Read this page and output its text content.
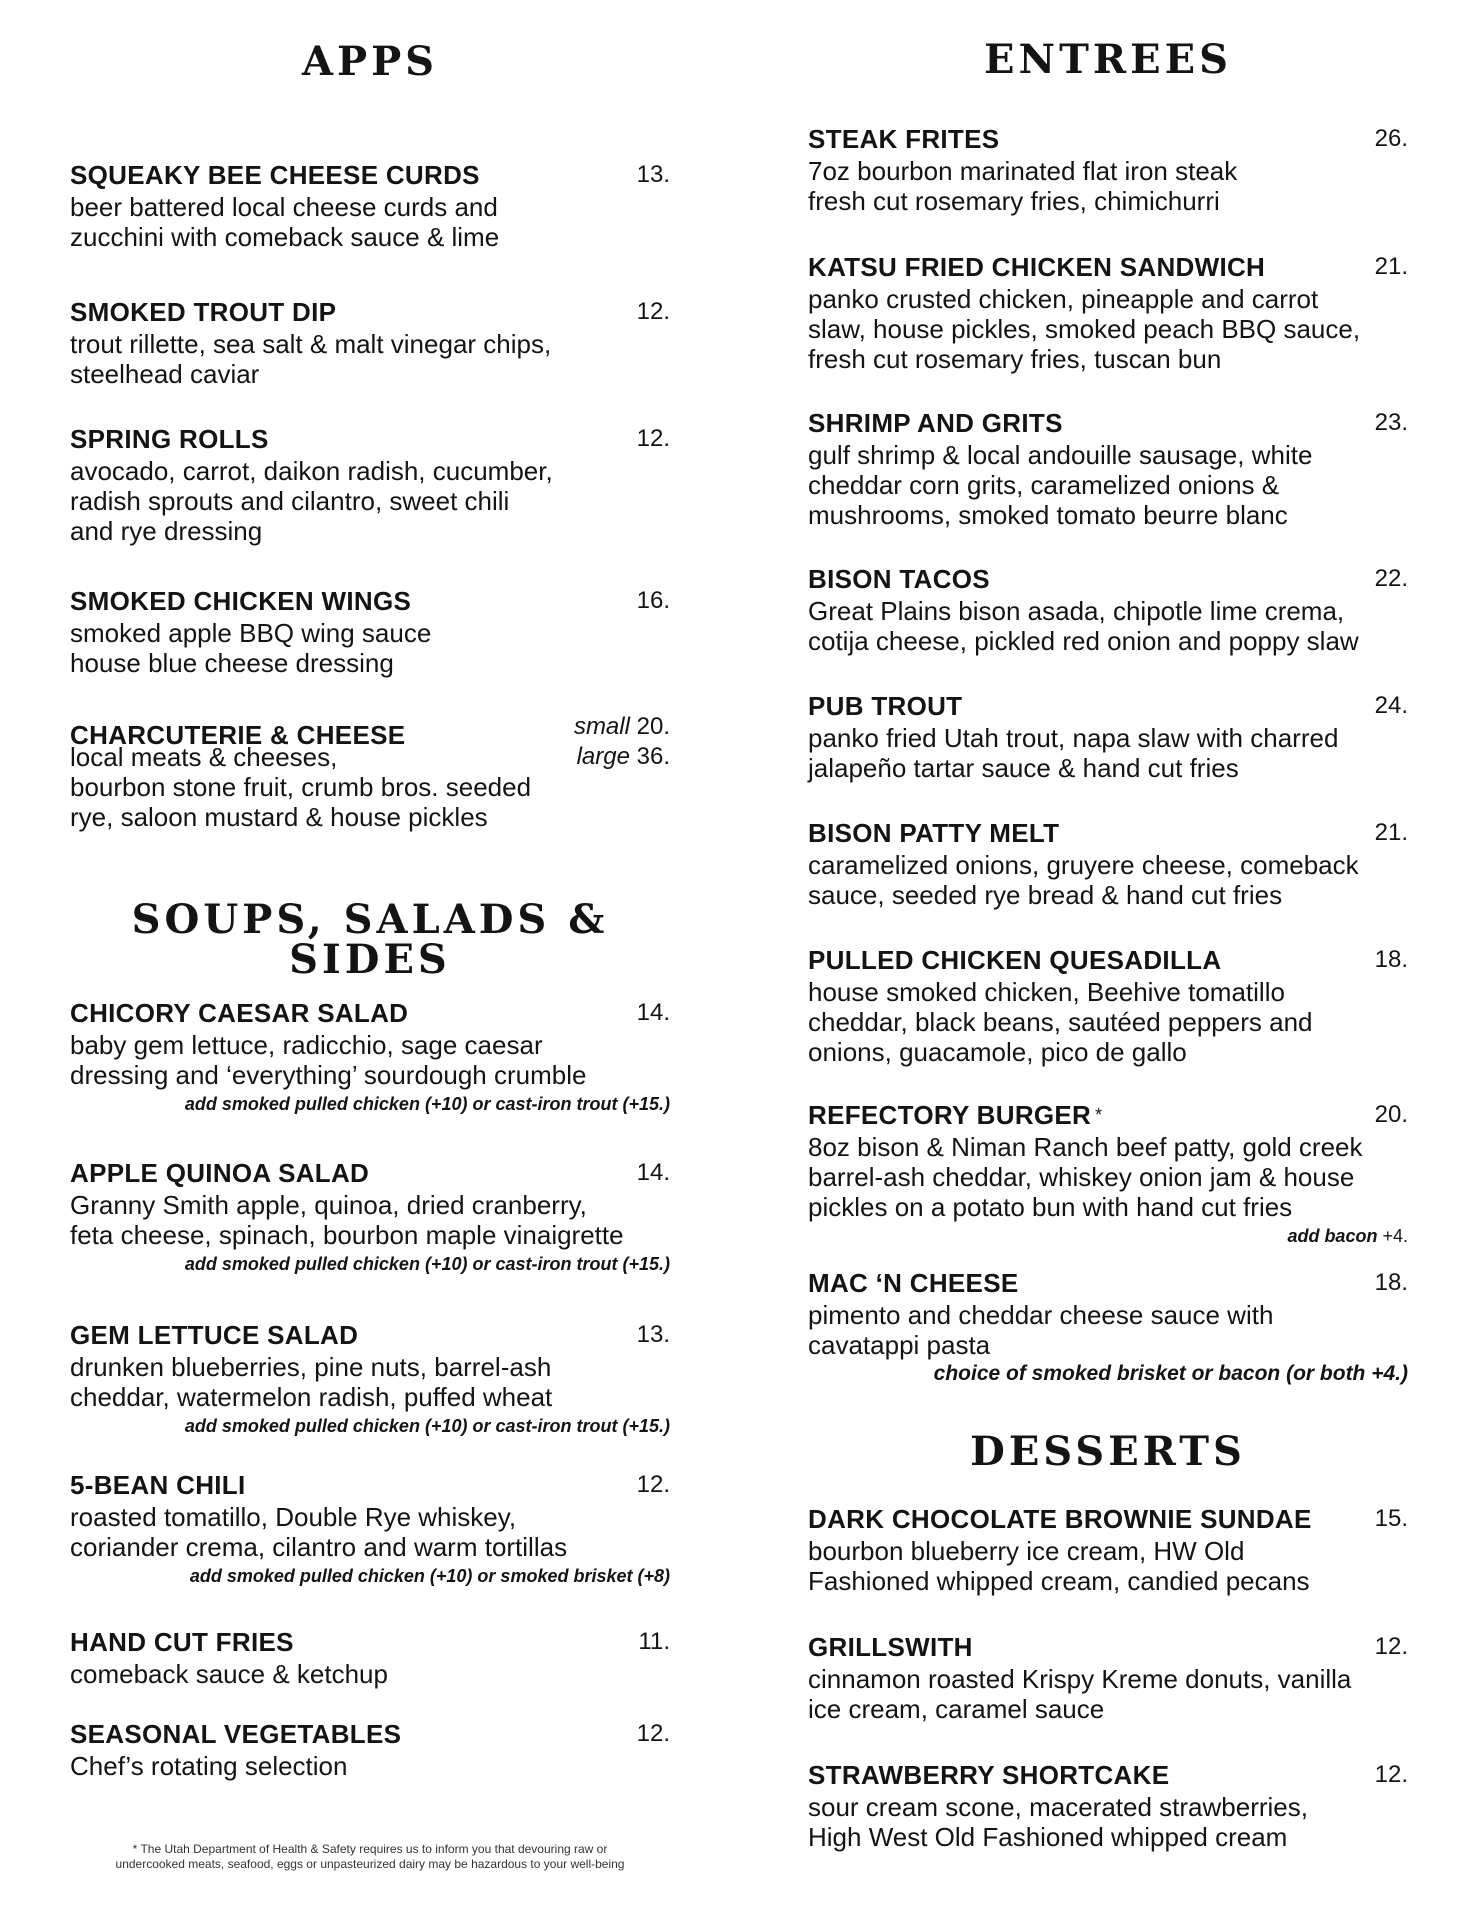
APPS	ENTREES
SOUPS, SALADS & SIDES
DESSERTS
SQUEAKY BEE CHEESE CURDS	13.
beer battered local cheese curds and
zucchini with comeback sauce & lime
SMOKED TROUT DIP	12.
trout rillette, sea salt & malt vinegar chips,
steelhead caviar
SPRING ROLLS	12.
avocado, carrot, daikon radish, cucumber,
radish sprouts and cilantro, sweet chili
and rye dressing
SMOKED CHICKEN WINGS	16.
smoked apple BBQ wing sauce
house blue cheese dressing
CHARCUTERIE & CHEESE	small 20.
large 36.
local meats & cheeses,
bourbon stone fruit, crumb bros. seeded
rye, saloon mustard & house pickles
CHICORY CAESAR SALAD	14.
baby gem lettuce, radicchio, sage caesar
dressing and ‘everything’ sourdough crumble
add smoked pulled chicken (+10) or cast-iron trout (+15.)
APPLE QUINOA SALAD	14.
Granny Smith apple, quinoa, dried cranberry,
feta cheese, spinach, bourbon maple vinaigrette
add smoked pulled chicken (+10) or cast-iron trout (+15.)
GEM LETTUCE SALAD	13.
drunken blueberries, pine nuts, barrel-ash
cheddar, watermelon radish, puffed wheat
add smoked pulled chicken (+10) or cast-iron trout (+15.)
5-BEAN CHILI	12.
roasted tomatillo, Double Rye whiskey,
coriander crema, cilantro and warm tortillas
add smoked pulled chicken (+10) or smoked brisket (+8)
HAND CUT FRIES	11.
comeback sauce & ketchup
SEASONAL VEGETABLES	12.
Chef’s rotating selection
* The Utah Department of Health & Safety requires us to inform you that devouring raw or
undercooked meats, seafood, eggs or unpasteurized dairy may be hazardous to your well-being
STEAK FRITES	26.
7oz bourbon marinated flat iron steak
fresh cut rosemary fries, chimichurri
KATSU FRIED CHICKEN SANDWICH	21.
panko crusted chicken, pineapple and carrot
slaw, house pickles, smoked peach BBQ sauce,
fresh cut rosemary fries, tuscan bun
SHRIMP AND GRITS	23.
gulf shrimp & local andouille sausage, white
cheddar corn grits, caramelized onions &
mushrooms, smoked tomato beurre blanc
BISON TACOS	22.
Great Plains bison asada, chipotle lime crema,
cotija cheese, pickled red onion and poppy slaw
PUB TROUT	24.
panko fried Utah trout, napa slaw with charred
jalapeño tartar sauce & hand cut fries
BISON PATTY MELT	21.
caramelized onions, gruyere cheese, comeback
sauce, seeded rye bread & hand cut fries
PULLED CHICKEN QUESADILLA	18.
house smoked chicken, Beehive tomatillo
cheddar, black beans, sautéed peppers and
onions, guacamole, pico de gallo
REFECTORY BURGER *	20.
8oz bison & Niman Ranch beef patty, gold creek
barrel-ash cheddar, whiskey onion jam & house
pickles on a potato bun with hand cut fries
add bacon +4.
MAC ‘N CHEESE	18.
pimento and cheddar cheese sauce with
cavatappi pasta
choice of smoked brisket or bacon (or both +4.)
DARK CHOCOLATE BROWNIE SUNDAE	15.
bourbon blueberry ice cream, HW Old
Fashioned whipped cream, candied pecans
GRILLSWITH	12.
cinnamon roasted Krispy Kreme donuts, vanilla
ice cream, caramel sauce
STRAWBERRY SHORTCAKE	12.
sour cream scone, macerated strawberries,
High West Old Fashioned whipped cream
